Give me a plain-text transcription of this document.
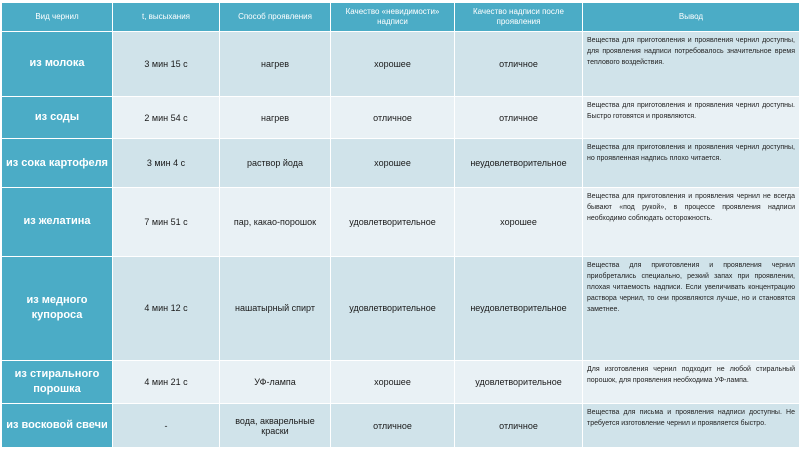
Вид чернил	t, высыхания	Способ проявления	Качество «невидимости» надписи	Качество надписи после проявления	Вывод
из молока	3 мин 15 с	нагрев	хорошее	отличное	Вещества для приготовления и проявления чернил доступны, для проявления надписи потребовалось значительное время теплового воздействия.
из соды	2 мин 54 с	нагрев	отличное	отличное	Вещества для приготовления и проявления чернил доступны. Быстро готовятся и проявляются.
из сока картофеля	3 мин 4 с	раствор йода	хорошее	неудовлетворительное	Вещества для приготовления и проявления чернил доступны, но проявленная надпись плохо читается.
из желатина	7 мин 51 с	пар, какао-порошок	удовлетворительное	хорошее	Вещества для приготовления и проявления чернил не всегда бывают «под рукой», в процессе проявления надписи необходимо соблюдать осторожность.
из медного купороса	4 мин 12 с	нашатырный спирт	удовлетворительное	неудовлетворительное	Вещества для приготовления и проявления чернил приобретались специально, резкий запах при проявлении, плохая читаемость надписи. Если увеличивать концентрацию раствора чернил, то они проявляются лучше, но и становятся заметнее.
из стирального порошка	4 мин 21 с	УФ-лампа	хорошее	удовлетворительное	Для изготовления чернил подходит не любой стиральный порошок, для проявления необходима УФ-лампа.
из восковой свечи	-	вода, акварельные краски	отличное	отличное	Вещества для письма и проявления надписи доступны. Не требуется изготовление чернил и проявляется быстро.
